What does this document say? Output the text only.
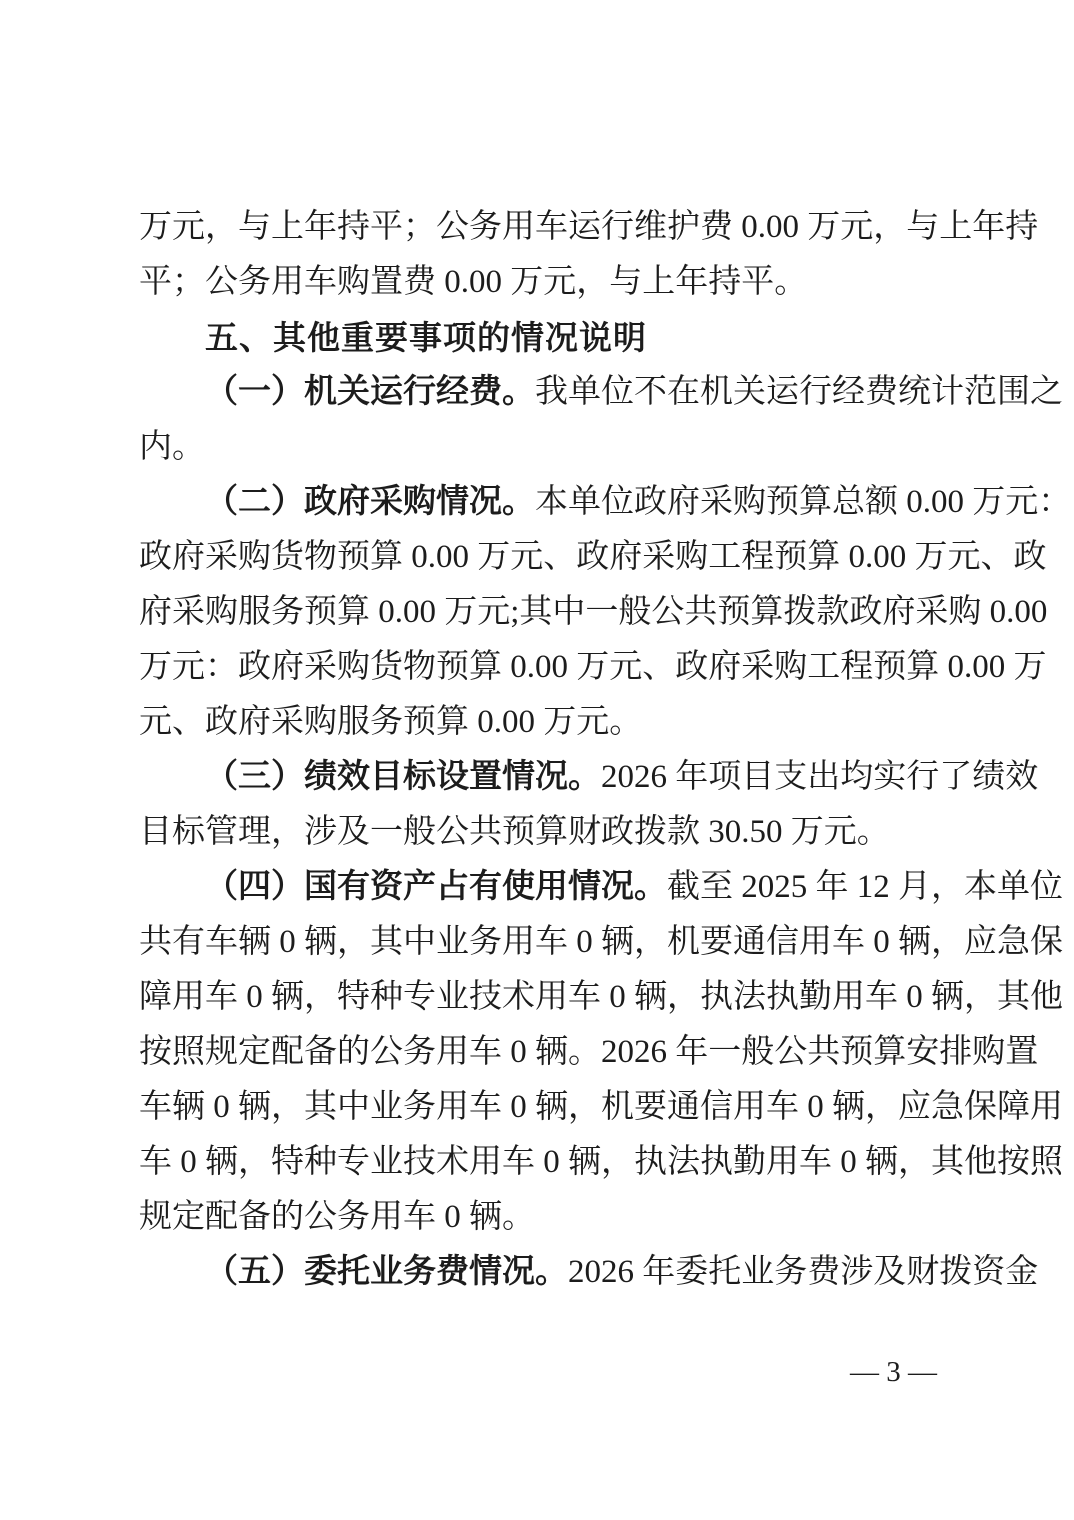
万元，与上年持平；公务用车运行维护费 0.00 万元，与上年持
平；公务用车购置费 0.00 万元，与上年持平。
五、其他重要事项的情况说明
（一）机关运行经费。我单位不在机关运行经费统计范围之
内。
（二）政府采购情况。本单位政府采购预算总额 0.00 万元：
政府采购货物预算 0.00 万元、政府采购工程预算 0.00 万元、政
府采购服务预算 0.00 万元;其中一般公共预算拨款政府采购 0.00
万元：政府采购货物预算 0.00 万元、政府采购工程预算 0.00 万
元、政府采购服务预算 0.00 万元。
（三）绩效目标设置情况。2026 年项目支出均实行了绩效
目标管理，涉及一般公共预算财政拨款 30.50 万元。
（四）国有资产占有使用情况。截至 2025 年 12 月，本单位
共有车辆 0 辆，其中业务用车 0 辆，机要通信用车 0 辆，应急保
障用车 0 辆，特种专业技术用车 0 辆，执法执勤用车 0 辆，其他
按照规定配备的公务用车 0 辆。2026 年一般公共预算安排购置
车辆 0 辆，其中业务用车 0 辆，机要通信用车 0 辆，应急保障用
车 0 辆，特种专业技术用车 0 辆，执法执勤用车 0 辆，其他按照
规定配备的公务用车 0 辆。
（五）委托业务费情况。2026 年委托业务费涉及财拨资金
— 3 —
